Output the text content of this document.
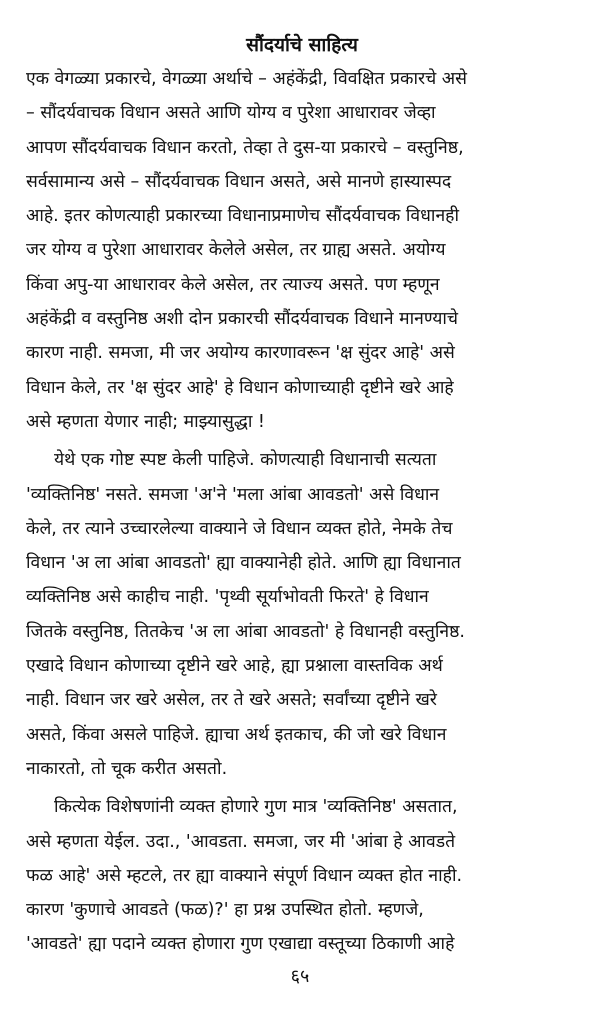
सौंदर्याचे साहित्य
एक वेगळ्या प्रकारचे, वेगळ्या अर्थाचे – अहंकेंद्री, विवक्षित प्रकारचे असे
– सौंदर्यवाचक विधान असते आणि योग्य व पुरेशा आधारावर जेव्हा
आपण सौंदर्यवाचक विधान करतो, तेव्हा ते दुस-या प्रकारचे – वस्तुनिष्ठ,
सर्वसामान्य असे – सौंदर्यवाचक विधान असते, असे मानणे हास्यास्पद
आहे. इतर कोणत्याही प्रकारच्या विधानाप्रमाणेच सौंदर्यवाचक विधानही
जर योग्य व पुरेशा आधारावर केलेले असेल, तर ग्राह्य असते. अयोग्य
किंवा अपु-या आधारावर केले असेल, तर त्याज्य असते. पण म्हणून
अहंकेंद्री व वस्तुनिष्ठ अशी दोन प्रकारची सौंदर्यवाचक विधाने मानण्याचे
कारण नाही. समजा, मी जर अयोग्य कारणावरून 'क्ष सुंदर आहे' असे
विधान केले, तर 'क्ष सुंदर आहे' हे विधान कोणाच्याही दृष्टीने खरे आहे
असे म्हणता येणार नाही; माझ्यासुद्धा !
येथे एक गोष्ट स्पष्ट केली पाहिजे. कोणत्याही विधानाची सत्यता
'व्यक्तिनिष्ठ' नसते. समजा 'अ'ने 'मला आंबा आवडतो' असे विधान
केले, तर त्याने उच्चारलेल्या वाक्याने जे विधान व्यक्त होते, नेमके तेच
विधान 'अ ला आंबा आवडतो' ह्या वाक्यानेही होते. आणि ह्या विधानात
व्यक्तिनिष्ठ असे काहीच नाही. 'पृथ्वी सूर्याभोवती फिरते' हे विधान
जितके वस्तुनिष्ठ, तितकेच 'अ ला आंबा आवडतो' हे विधानही वस्तुनिष्ठ.
एखादे विधान कोणाच्या दृष्टीने खरे आहे, ह्या प्रश्नाला वास्तविक अर्थ
नाही. विधान जर खरे असेल, तर ते खरे असते; सर्वांच्या दृष्टीने खरे
असते, किंवा असले पाहिजे. ह्याचा अर्थ इतकाच, की जो खरे विधान
नाकारतो, तो चूक करीत असतो.
कित्येक विशेषणांनी व्यक्त होणारे गुण मात्र 'व्यक्तिनिष्ठ' असतात,
असे म्हणता येईल. उदा., 'आवडता. समजा, जर मी 'आंबा हे आवडते
फळ आहे' असे म्हटले, तर ह्या वाक्याने संपूर्ण विधान व्यक्त होत नाही.
कारण 'कुणाचे आवडते (फळ)?' हा प्रश्न उपस्थित होतो. म्हणजे,
'आवडते' ह्या पदाने व्यक्त होणारा गुण एखाद्या वस्तूच्या ठिकाणी आहे
६५
